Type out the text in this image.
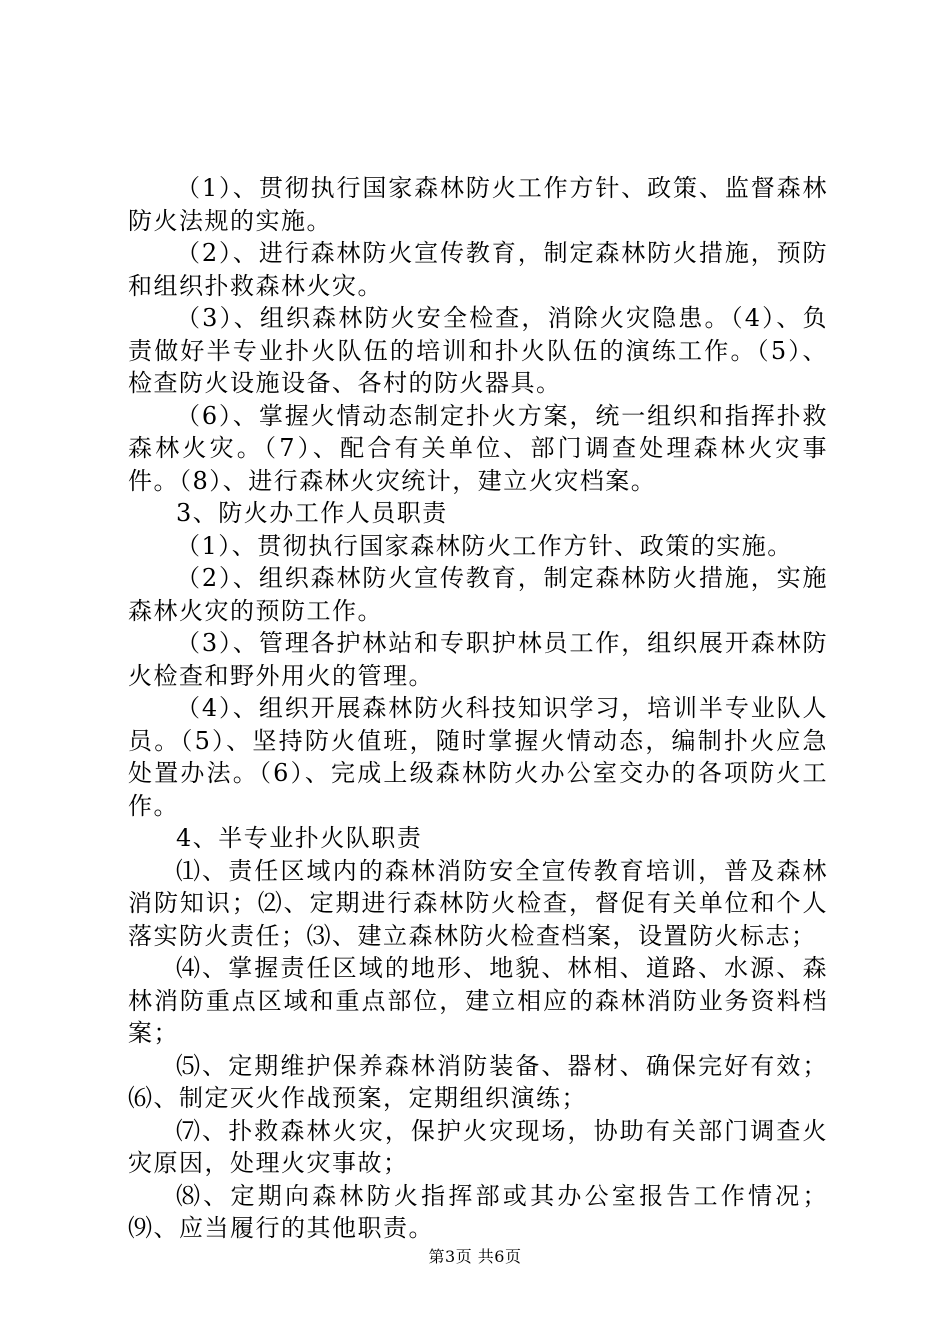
（1）、贯彻执行国家森林防火工作方针、政策、监督森林防火法规的实施。

（2）、进行森林防火宣传教育，制定森林防火措施，预防和组织扑救森林火灾。

（3）、组织森林防火安全检查，消除火灾隐患。（4）、负责做好半专业扑火队伍的培训和扑火队伍的演练工作。（5）、检查防火设施设备、各村的防火器具。

（6）、掌握火情动态制定扑火方案，统一组织和指挥扑救森林火灾。（7）、配合有关单位、部门调查处理森林火灾事件。（8）、进行森林火灾统计，建立火灾档案。

3、防火办工作人员职责

（1）、贯彻执行国家森林防火工作方针、政策的实施。

（2）、组织森林防火宣传教育，制定森林防火措施，实施森林火灾的预防工作。

（3）、管理各护林站和专职护林员工作，组织展开森林防火检查和野外用火的管理。

（4）、组织开展森林防火科技知识学习，培训半专业队人员。（5）、坚持防火值班，随时掌握火情动态，编制扑火应急处置办法。（6）、完成上级森林防火办公室交办的各项防火工作。

4、半专业扑火队职责

⑴、责任区域内的森林消防安全宣传教育培训，普及森林消防知识；⑵、定期进行森林防火检查，督促有关单位和个人落实防火责任；⑶、建立森林防火检查档案，设置防火标志；

⑷、掌握责任区域的地形、地貌、林相、道路、水源、森林消防重点区域和重点部位，建立相应的森林消防业务资料档案；

⑸、定期维护保养森林消防装备、器材、确保完好有效；⑹、制定灭火作战预案，定期组织演练；

⑺、扑救森林火灾，保护火灾现场，协助有关部门调查火灾原因，处理火灾事故；

⑻、定期向森林防火指挥部或其办公室报告工作情况；⑼、应当履行的其他职责。

第3页 共6页
